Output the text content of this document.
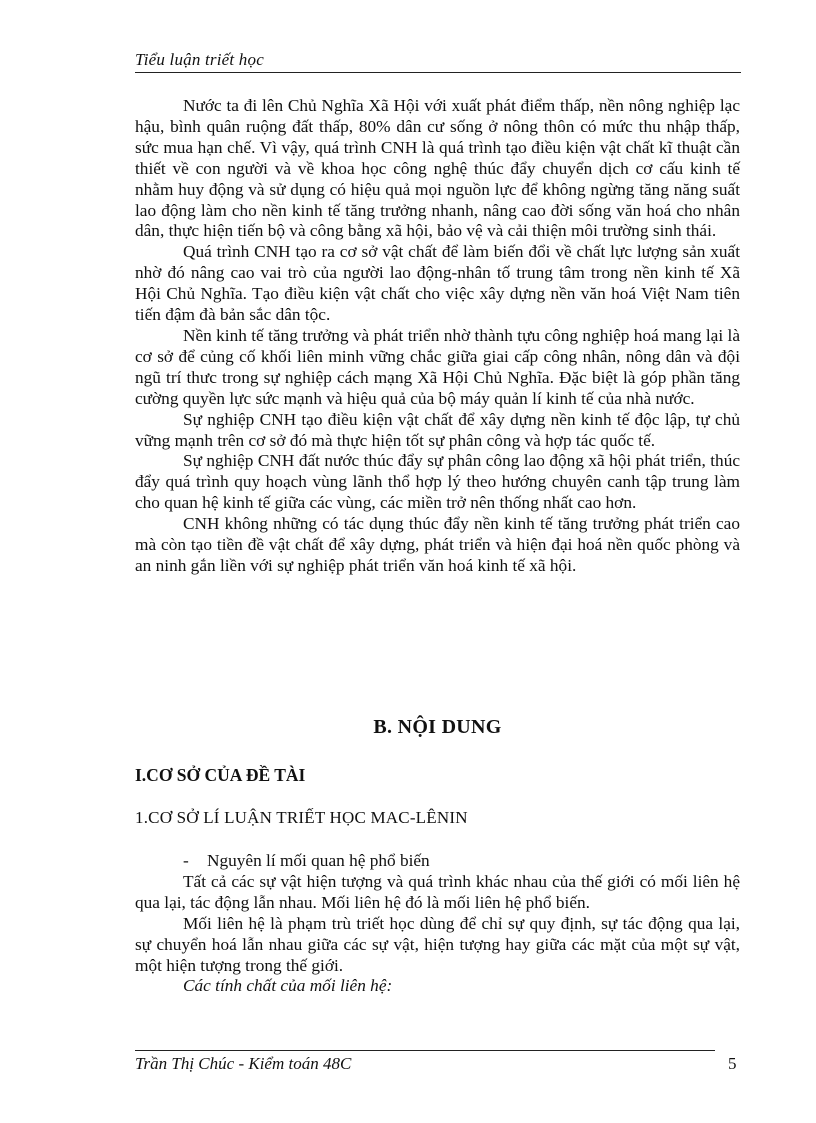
Tiểu luận triết học

Nước ta đi lên Chủ Nghĩa Xã Hội với xuất phát điểm thấp, nền nông nghiệp lạc hậu, bình quân ruộng đất thấp, 80% dân cư sống ở nông thôn có mức thu nhập thấp, sức mua hạn chế. Vì vậy, quá trình CNH là quá trình tạo điều kiện vật chất kĩ thuật cần thiết về con người và về khoa học công nghệ thúc đẩy chuyển dịch cơ cấu kinh tế nhằm huy động và sử dụng có hiệu quả mọi nguồn lực để không ngừng tăng năng suất lao động làm cho nền kinh tế tăng trưởng nhanh, nâng cao đời sống văn hoá cho nhân dân, thực hiện tiến bộ và công bằng xã hội, bảo vệ và cải thiện môi trường sinh thái.

Quá trình CNH tạo ra cơ sở vật chất để làm biến đổi về chất lực lượng sản xuất nhờ đó nâng cao vai trò của người lao động-nhân tố trung tâm trong nền kinh tế Xã Hội Chủ Nghĩa. Tạo điều kiện vật chất cho việc xây dựng nền văn hoá Việt Nam tiên tiến đậm đà bản sắc dân tộc.

Nền kinh tế tăng trưởng và phát triển nhờ thành tựu công nghiệp hoá mang lại là cơ sở để củng cố khối liên minh vững chắc giữa giai cấp công nhân, nông dân và đội ngũ trí thưc trong sự nghiệp cách mạng Xã Hội Chủ Nghĩa. Đặc biệt là góp phần tăng cường quyền lực sức mạnh và hiệu quả của bộ máy quản lí kinh tế của nhà nước.

Sự nghiệp CNH tạo điều kiện vật chất để xây dựng nền kinh tế độc lập, tự chủ vững mạnh trên cơ sở đó mà thực hiện tốt sự phân công và hợp tác quốc tế.

Sự nghiệp CNH đất nước thúc đẩy sự phân công lao động xã hội phát triển, thúc đẩy quá trình quy hoạch vùng lãnh thổ hợp lý theo hướng chuyên canh tập trung làm cho quan hệ kinh tế giữa các vùng, các miền trở nên thống nhất cao hơn.

CNH không những có tác dụng thúc đẩy nền kinh tế tăng trưởng phát triển cao mà còn tạo tiền đề vật chất để xây dựng, phát triển và hiện đại hoá nền quốc phòng và an ninh gắn liền với sự nghiệp phát triển văn hoá kinh tế xã hội.

B. NỘI DUNG
I.CƠ SỞ CỦA ĐỀ TÀI
1.CƠ SỞ LÍ LUẬN TRIẾT HỌC MAC-LÊNIN

- Nguyên lí mối quan hệ phổ biến

Tất cả các sự vật hiện tượng và quá trình khác nhau của thế giới có mối liên hệ qua lại, tác động lẫn nhau. Mối liên hệ đó là mối liên hệ phổ biến.

Mối liên hệ là phạm trù triết học dùng để chỉ sự quy định, sự tác động qua lại, sự chuyển hoá lẫn nhau giữa các sự vật, hiện tượng hay giữa các mặt của một sự vật, một hiện tượng trong thế giới.

Các tính chất của mối liên hệ:

Trần Thị Chúc - Kiểm toán 48C	5
